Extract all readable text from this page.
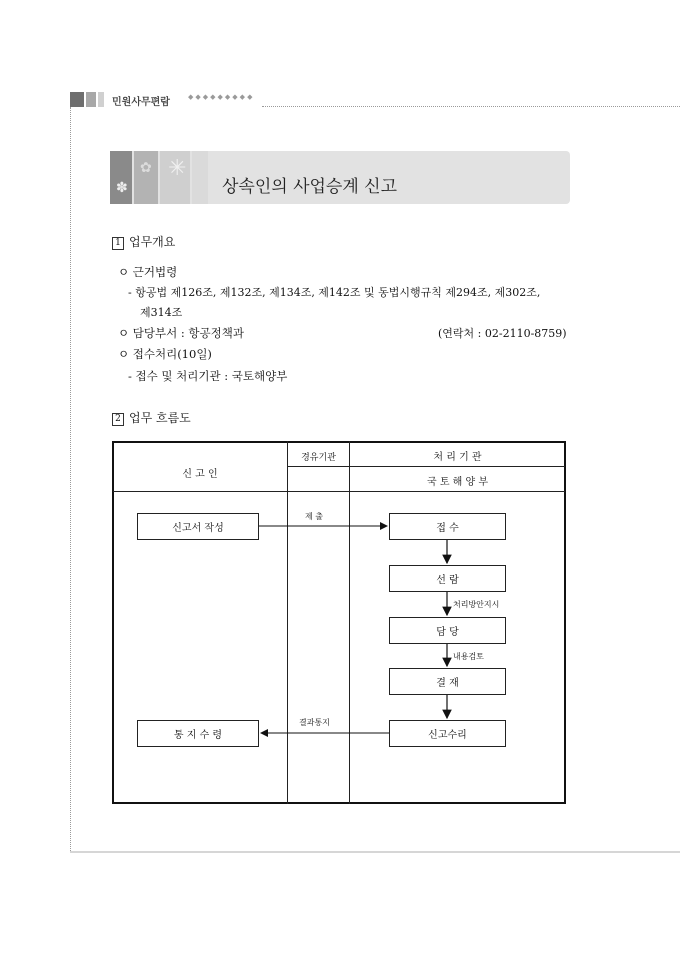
민원사무편람	◆◆◆◆◆◆◆◆◆
✽
✿ ✳
상속인의 사업승계 신고
1 업무개요
ㅇ 근거법령
- 항공법 제126조, 제132조, 제134조, 제142조 및 동법시행규칙 제294조, 제302조,
제314조
ㅇ 담당부서 : 항공정책과	(연락처 : 02-2110-8759)
ㅇ 접수처리(10일)
- 접수 및 처리기관 : 국토해양부
2 업무 흐름도
신 고 인
경유기관	처 리 기 관
국 토 해 양 부
신고서 작성
통 지 수 령
접 수
선 람
담 당
결 재
신고수리
제 출
처리방안지시
내용검토
결과통지
